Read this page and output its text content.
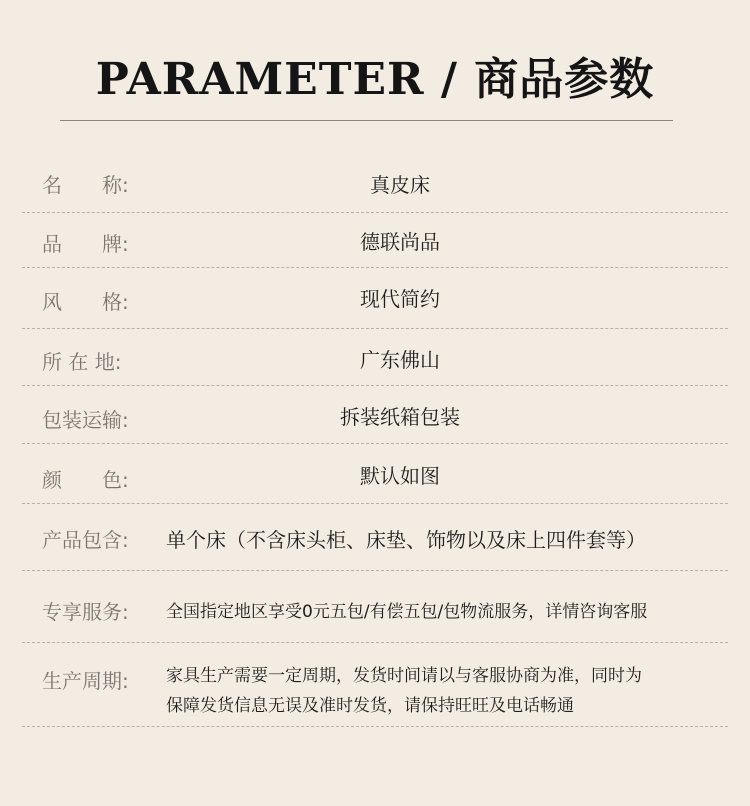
PARAMETER / 商品参数
名　　称:	真皮床
品　　牌:	德联尚品
风　　格:	现代简约
所 在 地:	广东佛山
包装运输:	拆装纸箱包装
颜　　色:	默认如图
产品包含: 单个床（不含床头柜、床垫、饰物以及床上四件套等）
专享服务: 全国指定地区享受0元五包/有偿五包/包物流服务，详情咨询客服
生产周期: 家具生产需要一定周期，发货时间请以与客服协商为准，同时为
保障发货信息无误及准时发货，请保持旺旺及电话畅通
